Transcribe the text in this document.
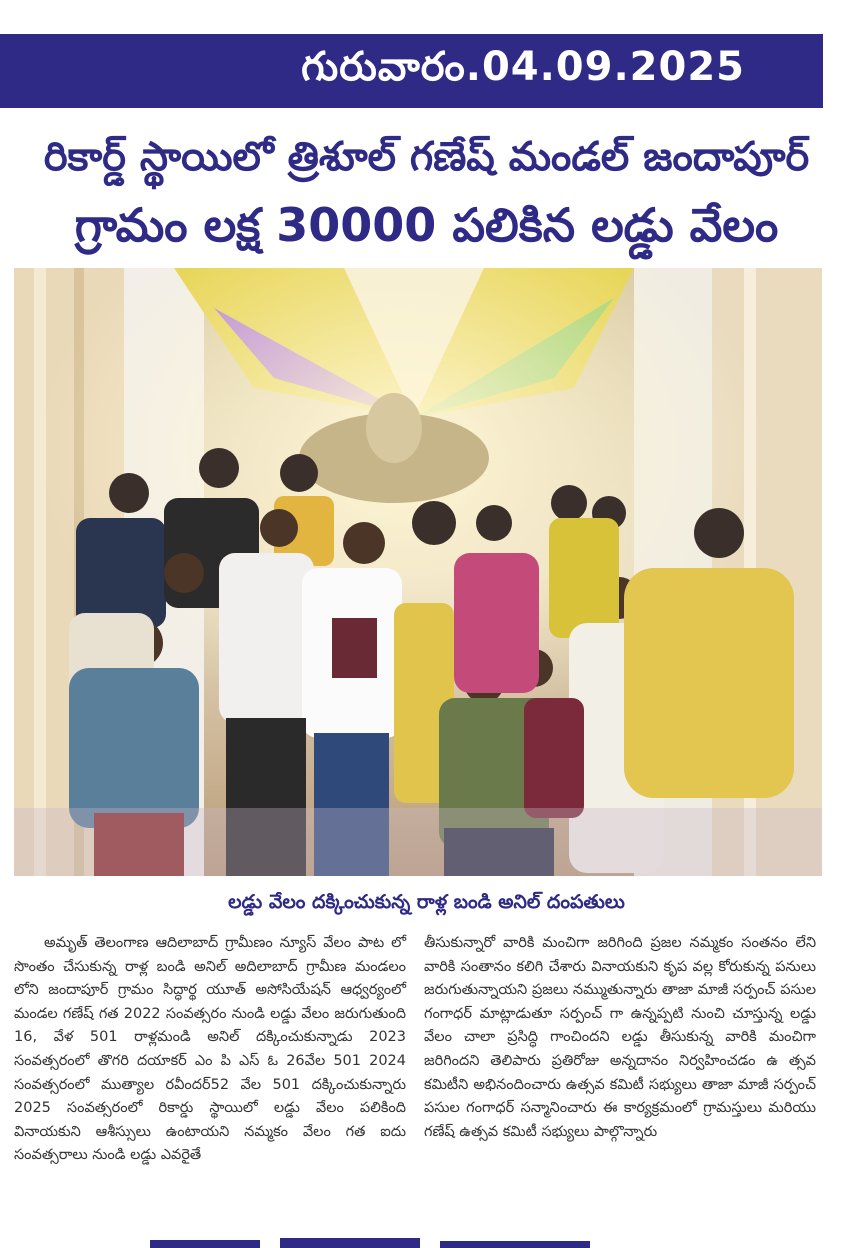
గురువారం.04.09.2025
రికార్డ్ స్థాయిలో త్రిశూల్ గణేష్ మండల్ జందాపూర్
గ్రామం లక్ష 30000 పలికిన లడ్డు వేలం
లడ్డు వేలం దక్కించుకున్న రాళ్ల బండి అనిల్ దంపతులు
అమృత్ తెలంగాణ ఆదిలాబాద్ గ్రామీణం న్యూస్ వేలం పాట లో సొంతం చేసుకున్న రాళ్ల బండి అనిల్ అదిలాబాద్ గ్రామీణ మండలం లోని జందాపూర్ గ్రామం సిద్ధార్థ యూత్ అసోసియేషన్ ఆధ్వర్యంలో మండల గణేష్ గత 2022 సంవత్సరం నుండి లడ్డు వేలం జరుగుతుంది 16, వేళ 501 రాళ్లమండి అనిల్ దక్కించుకున్నాడు 2023 సంవత్సరంలో తొగరి దయాకర్ ఎం పి ఎస్ ఓ 26వేల 501 2024 సంవత్సరంలో ముత్యాల రవీందర్52 వేల 501 దక్కించుకున్నారు 2025 సంవత్సరంలో రికార్డు స్థాయిలో లడ్డు వేలం పలికింది వినాయకుని ఆశీస్సులు ఉంటాయని నమ్మకం వేలం గత ఐదు సంవత్సరాలు నుండి లడ్డు ఎవరైతే
తీసుకున్నారో వారికి మంచిగా జరిగింది ప్రజల నమ్మకం సంతనం లేని వారికి సంతానం కలిగి చేశారు వినాయకుని కృప వల్ల కోరుకున్న పనులు జరుగుతున్నాయని ప్రజలు నమ్ముతున్నారు తాజా మాజీ సర్పంచ్ పసుల గంగాధర్ మాట్లాడుతూ సర్పంచ్ గా ఉన్నప్పటి నుంచి చూస్తున్న లడ్డు వేలం చాలా ప్రసిద్ధి గాంచిందని లడ్డు తీసుకున్న వారికి మంచిగా జరిగిందని తెలిపారు ప్రతిరోజు అన్నదానం నిర్వహించడం ఉ త్సవ కమిటీని అభినందించారు ఉత్సవ కమిటీ సభ్యులు తాజా మాజీ సర్పంచ్ పసుల గంగాధర్ సన్మానించారు ఈ కార్యక్రమంలో గ్రామస్తులు మరియు గణేష్ ఉత్సవ కమిటీ సభ్యులు పాల్గొన్నారు
